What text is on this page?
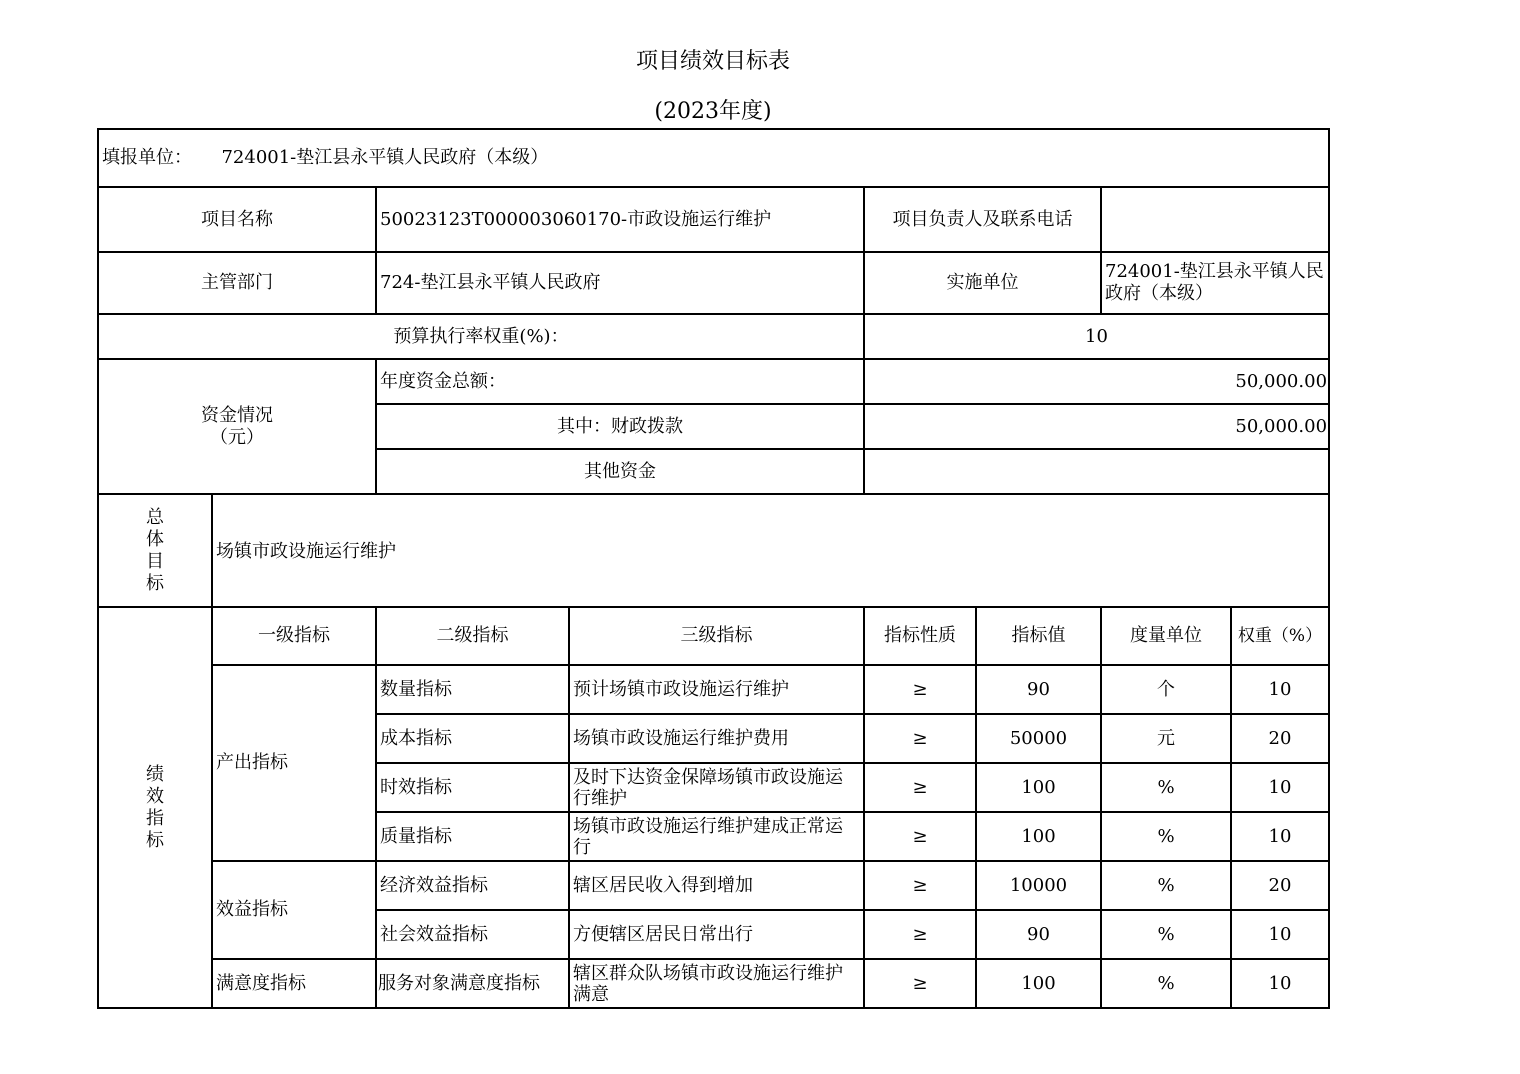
项目绩效目标表
(2023年度)
填报单位： 724001-垫江县永平镇人民政府（本级）							
项目名称		50023123T000003060170-市政设施运行维护		项目负责人及联系电话			
主管部门		724-垫江县永平镇人民政府		实施单位		724001-垫江县永平镇人民政府（本级）	
预算执行率权重(%)：				10			

资金情况
（元）		年度资金总额：		50,000.00			
		其中：财政拨款		50,000.00			
		其他资金					

总
体
目
标	场镇市政设施运行维护						

绩
效
指
标	一级指标	二级指标	三级指标	指标性质	指标值	度量单位	权重（%）
	产出指标	数量指标	预计场镇市政设施运行维护	≥	90	个	10
		成本指标	场镇市政设施运行维护费用	≥	50000	元	20
		时效指标	及时下达资金保障场镇市政设施运行维护	≥	100	%	10
		质量指标	场镇市政设施运行维护建成正常运行	≥	100	%	10
	效益指标	经济效益指标	辖区居民收入得到增加	≥	10000	%	20
		社会效益指标	方便辖区居民日常出行	≥	90	%	10
	满意度指标	服务对象满意度指标	辖区群众队场镇市政设施运行维护满意	≥	100	%	10
